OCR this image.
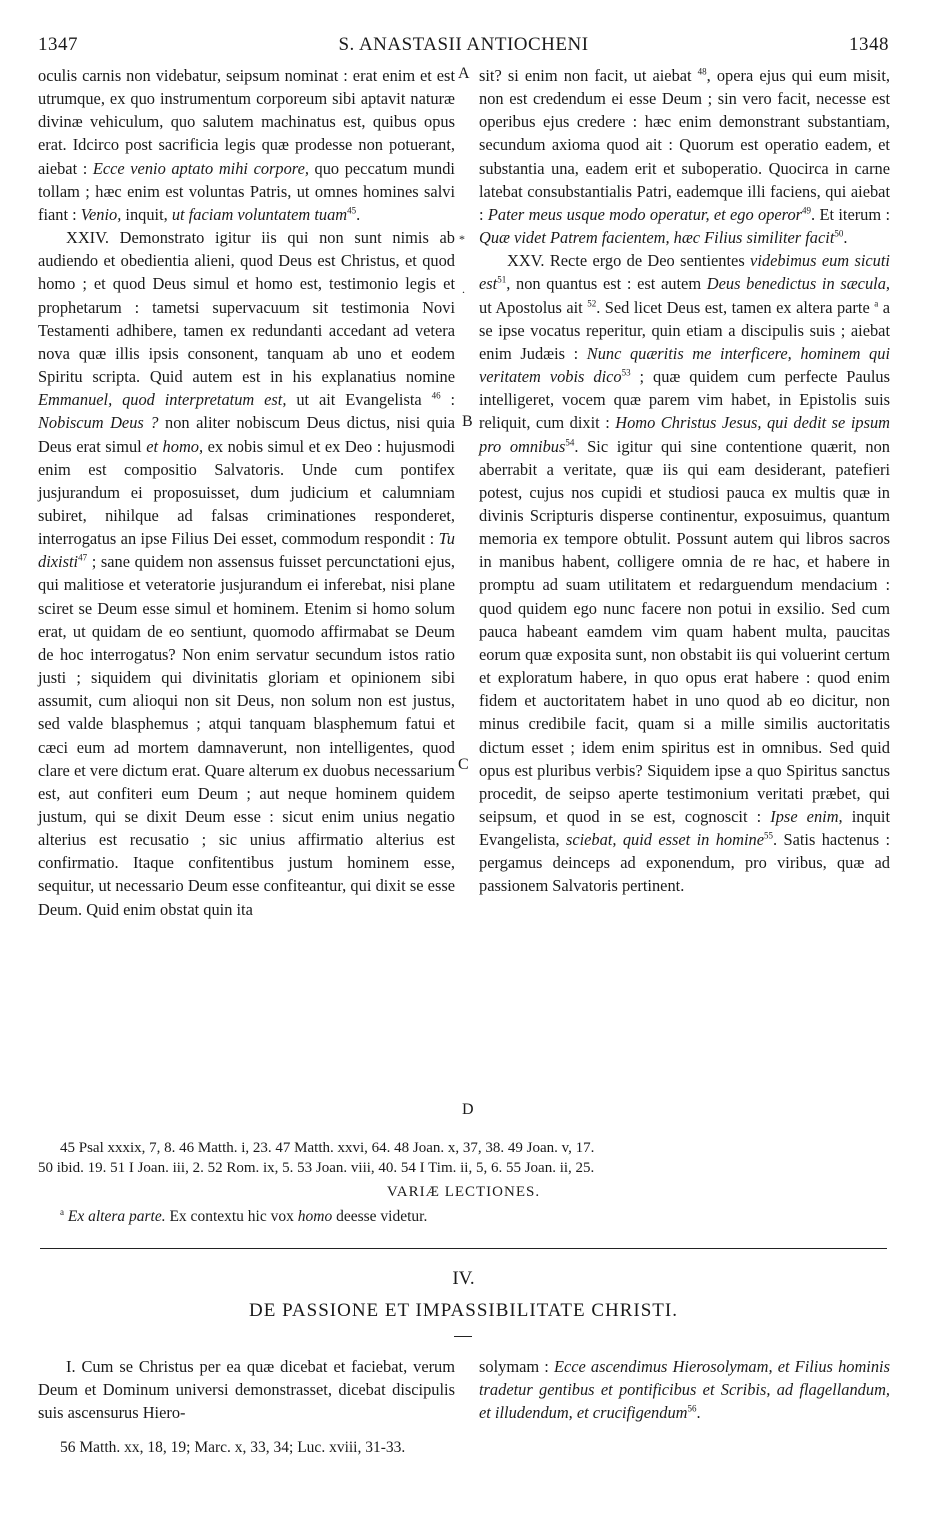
1347	S. ANASTASII ANTIOCHENI	1348
A
B
C
D
*
.

oculis carnis non videbatur, seipsum nominat : erat enim et est utrumque, ex quo instrumentum corporeum sibi aptavit naturæ divinæ vehiculum, quo salutem machinatus est, quibus opus erat. Idcirco post sacrificia legis quæ prodesse non potuerant, aiebat : Ecce venio aptato mihi corpore, quo peccatum mundi tollam ; hæc enim est voluntas Patris, ut omnes homines salvi fiant : Venio, inquit, ut faciam voluntatem tuam$^{45}$.

XXIV. Demonstrato igitur iis qui non sunt nimis ab audiendo et obedientia alieni, quod Deus est Christus, et quod homo ; et quod Deus simul et homo est, testimonio legis et prophetarum : tametsi supervacuum sit testimonia Novi Testamenti adhibere, tamen ex redundanti accedant ad vetera nova quæ illis ipsis consonent, tanquam ab uno et eodem Spiritu scripta. Quid autem est in his explanatius nomine Emmanuel, quod interpretatum est, ut ait Evangelista $^{46}$ : Nobiscum Deus ? non aliter nobiscum Deus dictus, nisi quia Deus erat simul et homo, ex nobis simul et ex Deo : hujusmodi enim est compositio Salvatoris. Unde cum pontifex jusjurandum ei proposuisset, dum judicium et calumniam subiret, nihilque ad falsas criminationes responderet, interrogatus an ipse Filius Dei esset, commodum respondit : Tu dixisti$^{47}$ ; sane quidem non assensus fuisset percunctationi ejus, qui malitiose et veteratorie jusjurandum ei inferebat, nisi plane sciret se Deum esse simul et hominem. Etenim si homo solum erat, ut quidam de eo sentiunt, quomodo affirmabat se Deum de hoc interrogatus? Non enim servatur secundum istos ratio justi ; siquidem qui divinitatis gloriam et opinionem sibi assumit, cum alioqui non sit Deus, non solum non est justus, sed valde blasphemus ; atqui tanquam blasphemum fatui et cæci eum ad mortem damnaverunt, non intelligentes, quod clare et vere dictum erat. Quare alterum ex duobus necessarium est, aut confiteri eum Deum ; aut neque hominem quidem justum, qui se dixit Deum esse : sicut enim unius negatio alterius est recusatio ; sic unius affirmatio alterius est confirmatio. Itaque confitentibus justum hominem esse, sequitur, ut necessario Deum esse confiteantur, qui dixit se esse Deum. Quid enim obstat quin ita

sit? si enim non facit, ut aiebat $^{48}$, opera ejus qui eum misit, non est credendum ei esse Deum ; sin vero facit, necesse est operibus ejus credere : hæc enim demonstrant substantiam, secundum axioma quod ait : Quorum est operatio eadem, et substantia una, eadem erit et suboperatio. Quocirca in carne latebat consubstantialis Patri, eademque illi faciens, qui aiebat : Pater meus usque modo operatur, et ego operor$^{49}$. Et iterum : Quæ videt Patrem facientem, hæc Filius similiter facit$^{50}$.

XXV. Recte ergo de Deo sentientes videbimus eum sicuti est$^{51}$, non quantus est : est autem Deus benedictus in sæcula, ut Apostolus ait $^{52}$. Sed licet Deus est, tamen ex altera parte $^a$ a se ipse vocatus reperitur, quin etiam a discipulis suis ; aiebat enim Judæis : Nunc quæritis me interficere, hominem qui veritatem vobis dico$^{53}$ ; quæ quidem cum perfecte Paulus intelligeret, vocem quæ parem vim habet, in Epistolis suis reliquit, cum dixit : Homo Christus Jesus, qui dedit se ipsum pro omnibus$^{54}$. Sic igitur qui sine contentione quærit, non aberrabit a veritate, quæ iis qui eam desiderant, patefieri potest, cujus nos cupidi et studiosi pauca ex multis quæ in divinis Scripturis disperse continentur, exposuimus, quantum memoria ex tempore obtulit. Possunt autem qui libros sacros in manibus habent, colligere omnia de re hac, et habere in promptu ad suam utilitatem et redarguendum mendacium : quod quidem ego nunc facere non potui in exsilio. Sed cum pauca habeant eamdem vim quam habent multa, paucitas eorum quæ exposita sunt, non obstabit iis qui voluerint certum et exploratum habere, in quo opus erat habere : quod enim fidem et auctoritatem habet in uno quod ab eo dicitur, non minus credibile facit, quam si a mille similis auctoritatis dictum esset ; idem enim spiritus est in omnibus. Sed quid opus est pluribus verbis? Siquidem ipse a quo Spiritus sanctus procedit, de seipso aperte testimonium veritati præbet, qui seipsum, et quod in se est, cognoscit : Ipse enim, inquit Evangelista, sciebat, quid esset in homine$^{55}$. Satis hactenus : pergamus deinceps ad exponendum, pro viribus, quæ ad passionem Salvatoris pertinent.

45 Psal xxxix, 7, 8. 46 Matth. i, 23. 47 Matth. xxvi, 64. 48 Joan. x, 37, 38. 49 Joan. v, 17.
50 ibid. 19. 51 I Joan. iii, 2. 52 Rom. ix, 5. 53 Joan. viii, 40. 54 I Tim. ii, 5, 6. 55 Joan. ii, 25.
VARIÆ LECTIONES.
$^a$ Ex altera parte. Ex contextu hic vox homo deesse videtur.
IV.
DE PASSIONE ET IMPASSIBILITATE CHRISTI.

I. Cum se Christus per ea quæ dicebat et faciebat, verum Deum et Dominum universi demonstrasset, dicebat discipulis suis ascensurus Hiero-

solymam : Ecce ascendimus Hierosolymam, et Filius hominis tradetur gentibus et pontificibus et Scribis, ad flagellandum, et illudendum, et crucifigendum$^{56}$.

56 Matth. xx, 18, 19; Marc. x, 33, 34; Luc. xviii, 31-33.
